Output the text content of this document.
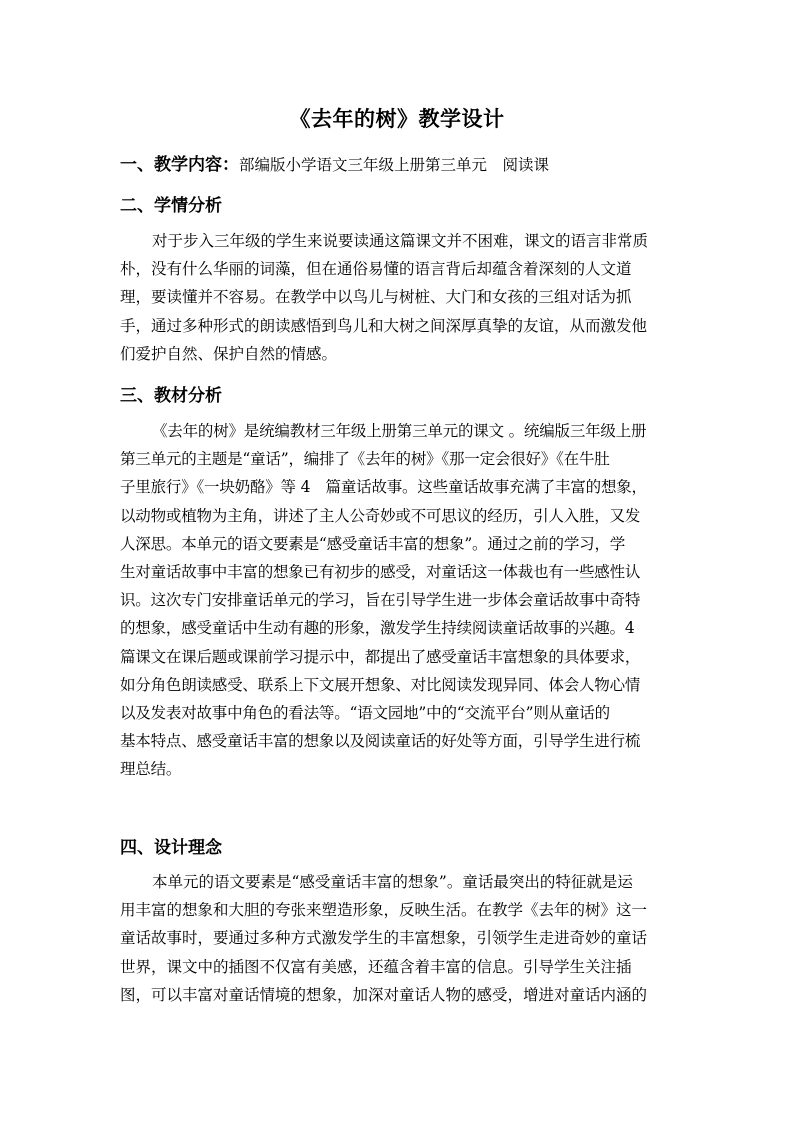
《去年的树》教学设计
一、教学内容：部编版小学语文三年级上册第三单元　阅读课
二、学情分析
对于步入三年级的学生来说要读通这篇课文并不困难，课文的语言非常质
朴，没有什么华丽的词藻，但在通俗易懂的语言背后却蕴含着深刻的人文道
理，要读懂并不容易。在教学中以鸟儿与树桩、大门和女孩的三组对话为抓
手，通过多种形式的朗读感悟到鸟儿和大树之间深厚真挚的友谊，从而激发他
们爱护自然、保护自然的情感。
三、教材分析
《去年的树》是统编教材三年级上册第三单元的课文 。统编版三年级上册
第三单元的主题是“童话”，编排了《去年的树》《那一定会很好》《在牛肚
子里旅行》《一块奶酪》等 4　篇童话故事。这些童话故事充满了丰富的想象，
以动物或植物为主角，讲述了主人公奇妙或不可思议的经历，引人入胜，又发
人深思。本单元的语文要素是“感受童话丰富的想象”。通过之前的学习，学
生对童话故事中丰富的想象已有初步的感受，对童话这一体裁也有一些感性认
识。这次专门安排童话单元的学习，旨在引导学生进一步体会童话故事中奇特
的想象，感受童话中生动有趣的形象，激发学生持续阅读童话故事的兴趣。4
篇课文在课后题或课前学习提示中，都提出了感受童话丰富想象的具体要求，
如分角色朗读感受、联系上下文展开想象、对比阅读发现异同、体会人物心情
以及发表对故事中角色的看法等。“语文园地”中的“交流平台”则从童话的
基本特点、感受童话丰富的想象以及阅读童话的好处等方面，引导学生进行梳
理总结。
四、设计理念
本单元的语文要素是“感受童话丰富的想象”。童话最突出的特征就是运
用丰富的想象和大胆的夸张来塑造形象，反映生活。在教学《去年的树》这一
童话故事时，要通过多种方式激发学生的丰富想象，引领学生走进奇妙的童话
世界，课文中的插图不仅富有美感，还蕴含着丰富的信息。引导学生关注插
图，可以丰富对童话情境的想象，加深对童话人物的感受，增进对童话内涵的
